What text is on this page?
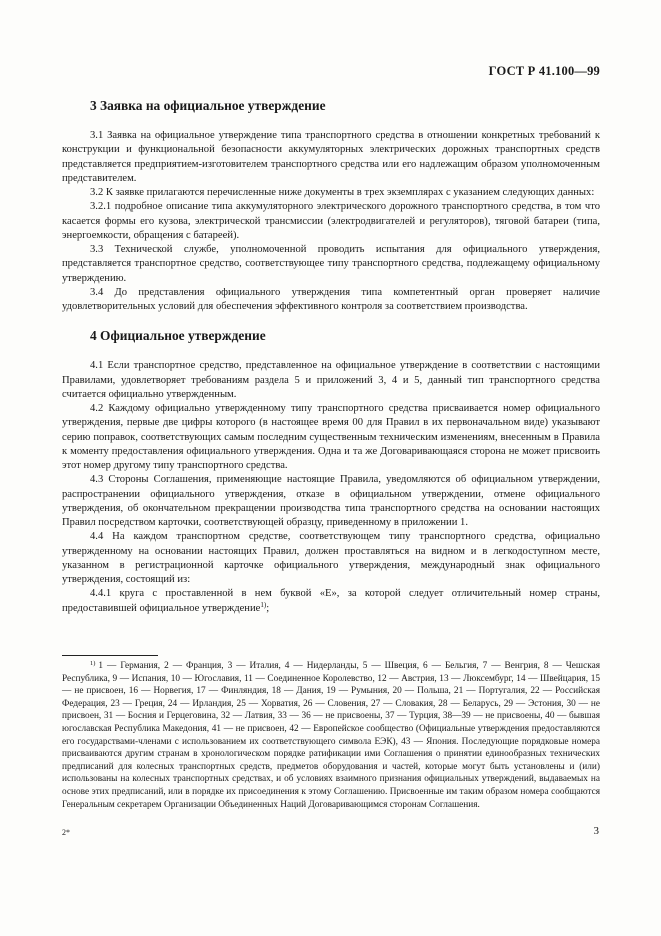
ГОСТ Р 41.100—99
3 Заявка на официальное утверждение

3.1 Заявка на официальное утверждение типа транспортного средства в отношении конкретных требований к конструкции и функциональной безопасности аккумуляторных электрических дорожных транспортных средств представляется предприятием-изготовителем транспортного средства или его надлежащим образом уполномоченным представителем.

3.2 К заявке прилагаются перечисленные ниже документы в трех экземплярах с указанием следующих данных:

3.2.1 подробное описание типа аккумуляторного электрического дорожного транспортного средства, в том что касается формы его кузова, электрической трансмиссии (электродвигателей и регуляторов), тяговой батареи (типа, энергоемкости, обращения с батареей).

3.3 Технической службе, уполномоченной проводить испытания для официального утверждения, представляется транспортное средство, соответствующее типу транспортного средства, подлежащему официальному утверждению.

3.4 До представления официального утверждения типа компетентный орган проверяет наличие удовлетворительных условий для обеспечения эффективного контроля за соответствием производства.

4 Официальное утверждение

4.1 Если транспортное средство, представленное на официальное утверждение в соответствии с настоящими Правилами, удовлетворяет требованиям раздела 5 и приложений 3, 4 и 5, данный тип транспортного средства считается официально утвержденным.

4.2 Каждому официально утвержденному типу транспортного средства присваивается номер официального утверждения, первые две цифры которого (в настоящее время 00 для Правил в их первоначальном виде) указывают серию поправок, соответствующих самым последним существенным техническим изменениям, внесенным в Правила к моменту предоставления официального утверждения. Одна и та же Договаривающаяся сторона не может присвоить этот номер другому типу транспортного средства.

4.3 Стороны Соглашения, применяющие настоящие Правила, уведомляются об официальном утверждении, распространении официального утверждения, отказе в официальном утверждении, отмене официального утверждения, об окончательном прекращении производства типа транспортного средства на основании настоящих Правил посредством карточки, соответствующей образцу, приведенному в приложении 1.

4.4 На каждом транспортном средстве, соответствующем типу транспортного средства, официально утвержденному на основании настоящих Правил, должен проставляться на видном и в легкодоступном месте, указанном в регистрационной карточке официального утверждения, международный знак официального утверждения, состоящий из:

4.4.1 круга с проставленной в нем буквой «Е», за которой следует отличительный номер страны, предоставившей официальное утверждение$^{1)}$;

$^{1)}$ 1 — Германия, 2 — Франция, 3 — Италия, 4 — Нидерланды, 5 — Швеция, 6 — Бельгия, 7 — Венгрия, 8 — Чешская Республика, 9 — Испания, 10 — Югославия, 11 — Соединенное Королевство, 12 — Австрия, 13 — Люксембург, 14 — Швейцария, 15 — не присвоен, 16 — Норвегия, 17 — Финляндия, 18 — Дания, 19 — Румыния, 20 — Польша, 21 — Португалия, 22 — Российская Федерация, 23 — Греция, 24 — Ирландия, 25 — Хорватия, 26 — Словения, 27 — Словакия, 28 — Беларусь, 29 — Эстония, 30 — не присвоен, 31 — Босния и Герцеговина, 32 — Латвия, 33 — 36 — не присвоены, 37 — Турция, 38—39 — не присвоены, 40 — бывшая югославская Республика Македония, 41 — не присвоен, 42 — Европейское сообщество (Официальные утверждения предоставляются его государствами-членами с использованием их соответствующего символа ЕЭК), 43 — Япония. Последующие порядковые номера присваиваются другим странам в хронологическом порядке ратификации ими Соглашения о принятии единообразных технических предписаний для колесных транспортных средств, предметов оборудования и частей, которые могут быть установлены и (или) использованы на колесных транспортных средствах, и об условиях взаимного признания официальных утверждений, выдаваемых на основе этих предписаний, или в порядке их присоединения к этому Соглашению. Присвоенные им таким образом номера сообщаются Генеральным секретарем Организации Объединенных Наций Договаривающимся сторонам Соглашения.

2*	3
